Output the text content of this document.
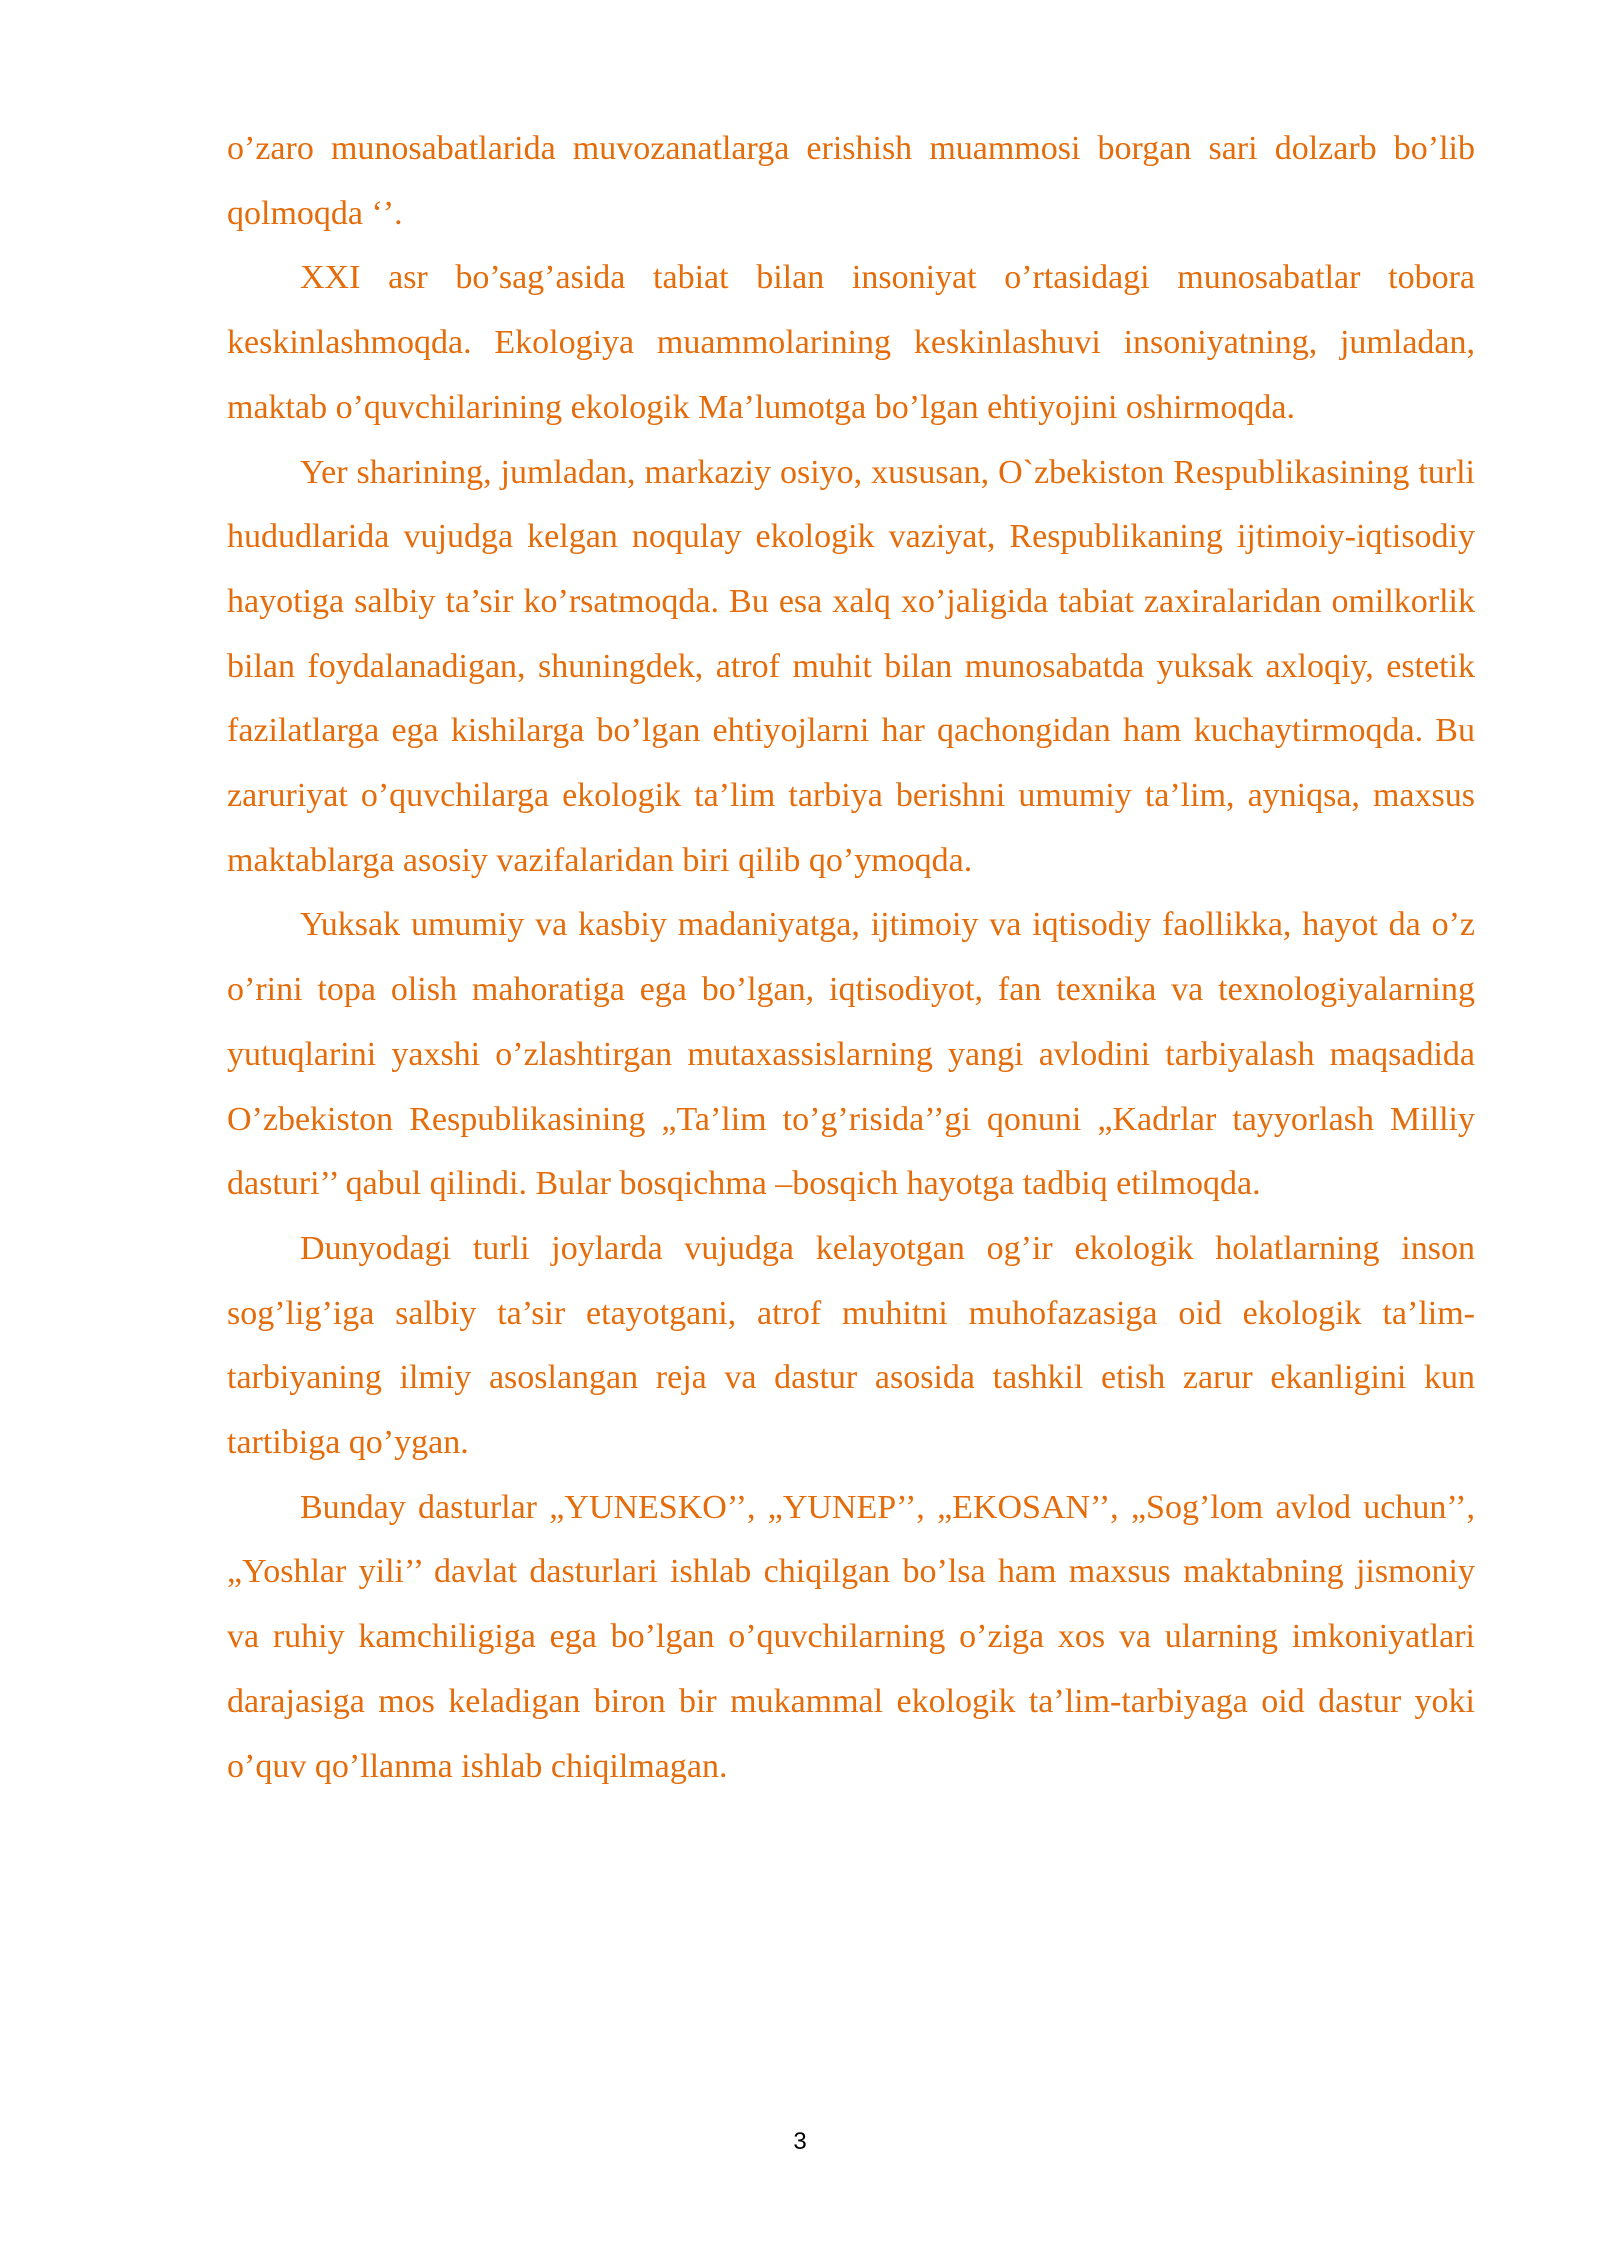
o’zaro munosabatlarida muvozanatlarga erishish muammosi borgan sari dolzarb bo’lib qolmoqda ‘’.

XXI asr bo’sag’asida tabiat bilan insoniyat o’rtasidagi munosabatlar tobora keskinlashmoqda. Ekologiya muammolarining keskinlashuvi insoniyatning, jumladan, maktab o’quvchilarining ekologik Ma’lumotga bo’lgan ehtiyojini oshirmoqda.

Yer sharining, jumladan, markaziy osiyo, xususan, O`zbekiston Respublikasining turli hududlarida vujudga kelgan noqulay ekologik vaziyat, Respublikaning ijtimoiy-iqtisodiy hayotiga salbiy ta’sir ko’rsatmoqda. Bu esa xalq xo’jaligida tabiat zaxiralaridan omilkorlik bilan foydalanadigan, shuningdek, atrof muhit bilan munosabatda yuksak axloqiy, estetik fazilatlarga ega kishilarga bo’lgan ehtiyojlarni har qachongidan ham kuchaytirmoqda. Bu zaruriyat o’quvchilarga ekologik ta’lim tarbiya berishni umumiy ta’lim, ayniqsa, maxsus maktablarga asosiy vazifalaridan biri qilib qo’ymoqda.

Yuksak umumiy va kasbiy madaniyatga, ijtimoiy va iqtisodiy faollikka, hayot da o’z o’rini topa olish mahoratiga ega bo’lgan, iqtisodiyot, fan texnika va texnologiyalarning yutuqlarini yaxshi o’zlashtirgan mutaxassislarning yangi avlodini tarbiyalash maqsadida O’zbekiston Respublikasining „Ta’lim to’g’risida’’gi qonuni „Kadrlar tayyorlash Milliy dasturi’’ qabul qilindi. Bular bosqichma –bosqich hayotga tadbiq etilmoqda.

Dunyodagi turli joylarda vujudga kelayotgan og’ir ekologik holatlarning inson sog’lig’iga salbiy ta’sir etayotgani, atrof muhitni muhofazasiga oid ekologik ta’lim-tarbiyaning ilmiy asoslangan reja va dastur asosida tashkil etish zarur ekanligini kun tartibiga qo’ygan.

Bunday dasturlar „YUNESKO’’, „YUNEP’’, „EKOSAN’’, „Sog’lom avlod uchun’’, „Yoshlar yili’’ davlat dasturlari ishlab chiqilgan bo’lsa ham maxsus maktabning jismoniy va ruhiy kamchiligiga ega bo’lgan o’quvchilarning o’ziga xos va ularning imkoniyatlari darajasiga mos keladigan biron bir mukammal ekologik ta’lim-tarbiyaga oid dastur yoki o’quv qo’llanma ishlab chiqilmagan.

3
